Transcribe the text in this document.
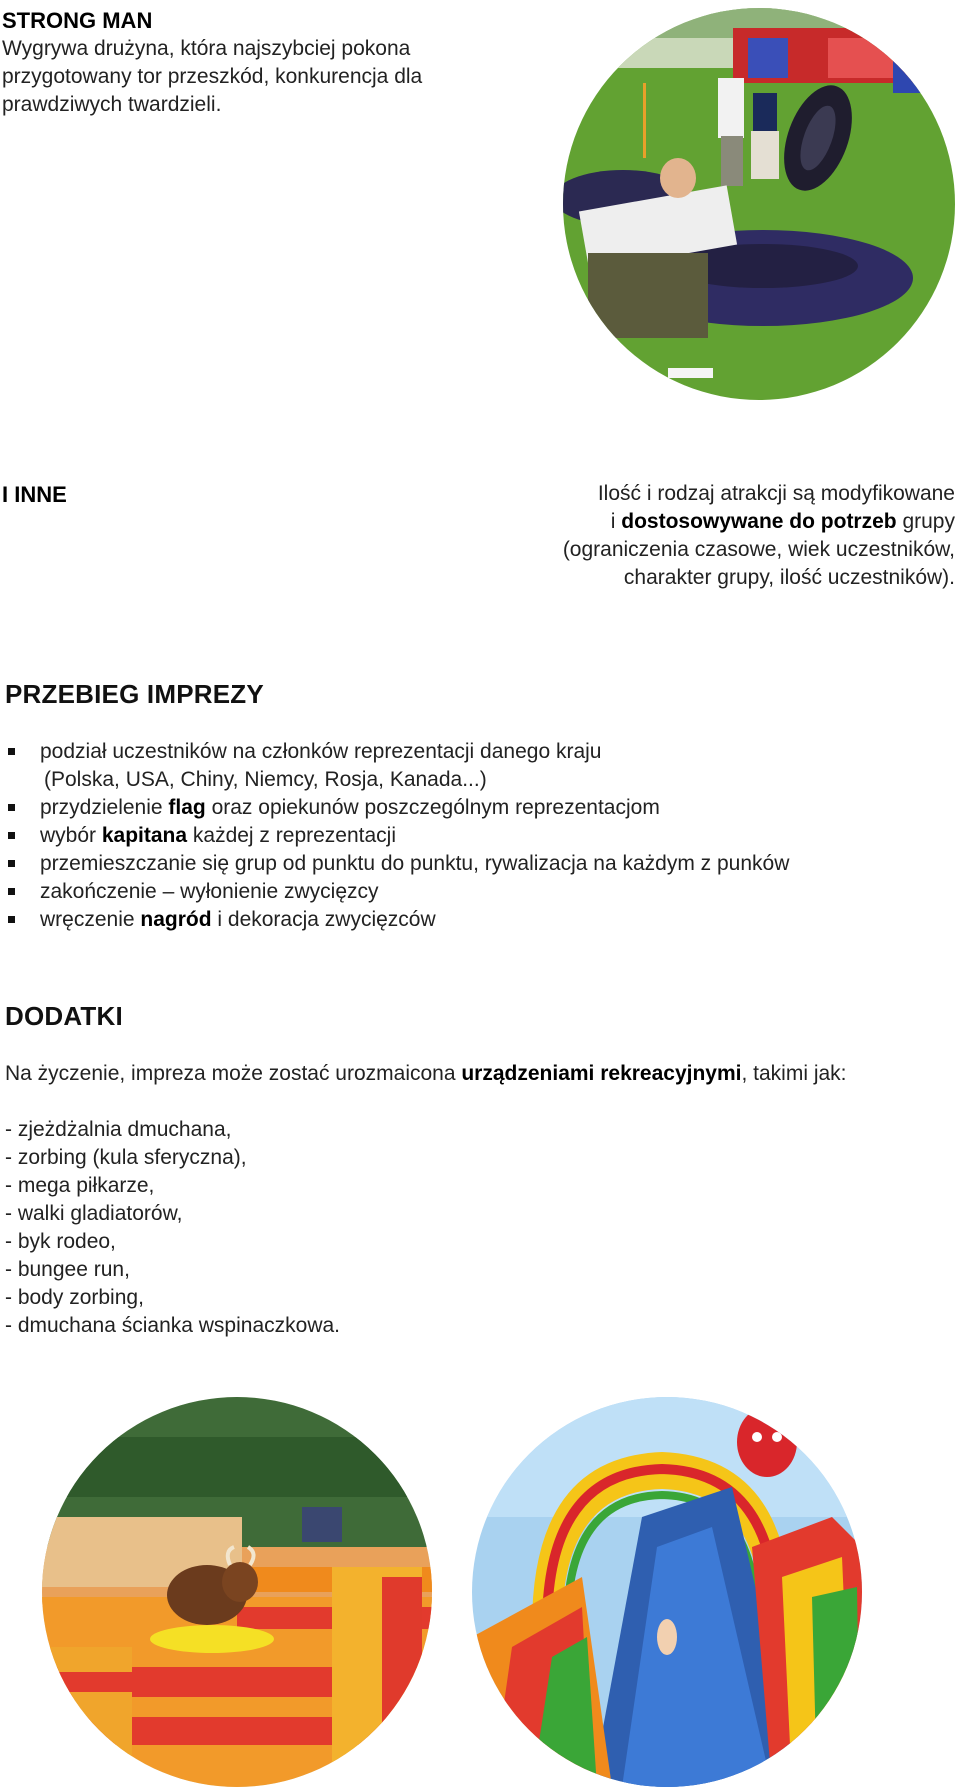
STRONG MAN
Wygrywa drużyna, która najszybciej pokona
przygotowany tor przeszkód, konkurencja dla
prawdziwych twardzieli.
I INNE	Ilość i rodzaj atrakcji są modyfikowane
i dostosowywane do potrzeb grupy
(ograniczenia czasowe, wiek uczestników,
charakter grupy, ilość uczestników).
PRZEBIEG IMPREZY
podział uczestników na członków reprezentacji danego kraju
(Polska, USA, Chiny, Niemcy, Rosja, Kanada...)
przydzielenie flag oraz opiekunów poszczególnym reprezentacjom
wybór kapitana każdej z reprezentacji
przemieszczanie się grup od punktu do punktu, rywalizacja na każdym z punków
zakończenie – wyłonienie zwycięzcy
wręczenie nagród i dekoracja zwycięzców
DODATKI
Na życzenie, impreza może zostać urozmaicona urządzeniami rekreacyjnymi, takimi jak:
- zjeżdżalnia dmuchana,
- zorbing (kula sferyczna),
- mega piłkarze,
- walki gladiatorów,
- byk rodeo,
- bungee run,
- body zorbing,
- dmuchana ścianka wspinaczkowa.
